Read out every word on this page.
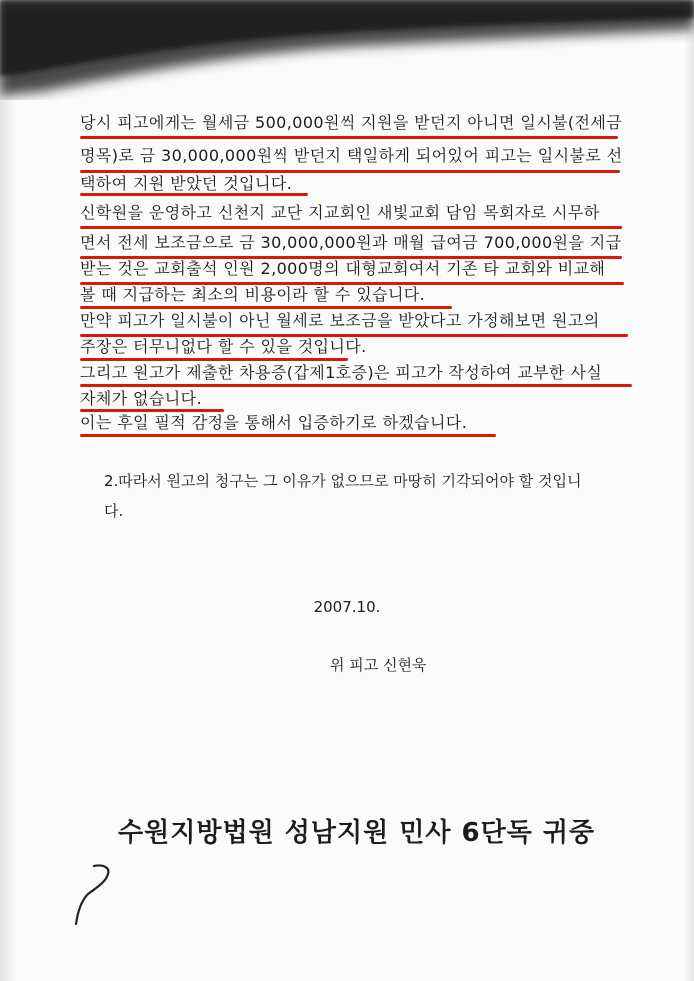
당시 피고에게는 월세금 500,000원씩 지원을 받던지 아니면 일시불(전세금
명목)로 금 30,000,000원씩 받던지 택일하게 되어있어 피고는 일시불로 선
택하여 지원 받았던 것입니다.
신학원을 운영하고 신천지 교단 지교회인 새빛교회 담임 목회자로 시무하
면서 전세 보조금으로 금 30,000,000원과 매월 급여금 700,000원을 지급
받는 것은 교회출석 인원 2,000명의 대형교회여서 기존 타 교회와 비교해
볼 때 지급하는 최소의 비용이라 할 수 있습니다.
만약 피고가 일시불이 아닌 월세로 보조금을 받았다고 가정해보면 원고의
주장은 터무니없다 할 수 있을 것입니다.
그리고 원고가 제출한 차용증(갑제1호증)은 피고가 작성하여 교부한 사실
자체가 없습니다.
이는 후일 필적 감정을 통해서 입증하기로 하겠습니다.
2.따라서 원고의 청구는 그 이유가 없으므로 마땅히 기각되어야 할 것입니
다.
2007.10.
위 피고 신현욱
수원지방법원 성남지원 민사 6단독 귀중
